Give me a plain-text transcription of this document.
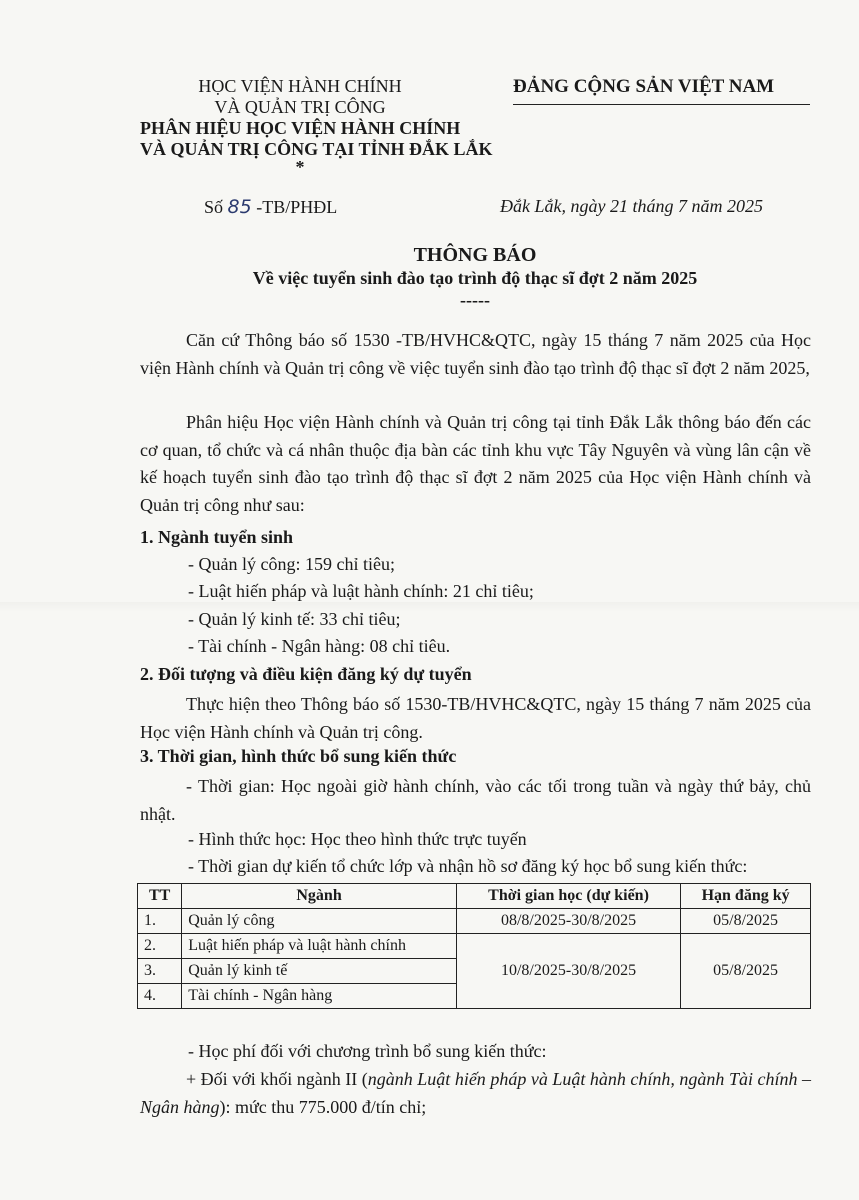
HỌC VIỆN HÀNH CHÍNH
VÀ QUẢN TRỊ CÔNG
PHÂN HIỆU HỌC VIỆN HÀNH CHÍNH
VÀ QUẢN TRỊ CÔNG TẠI TỈNH ĐẮK LẮK
*
ĐẢNG CỘNG SẢN VIỆT NAM
Số 85 -TB/PHĐL	Đắk Lắk, ngày 21 tháng 7 năm 2025
THÔNG BÁO
Về việc tuyển sinh đào tạo trình độ thạc sĩ đợt 2 năm 2025
-----
Căn cứ Thông báo số 1530 -TB/HVHC&QTC, ngày 15 tháng 7 năm 2025 của Học viện Hành chính và Quản trị công về việc tuyển sinh đào tạo trình độ thạc sĩ đợt 2 năm 2025,
Phân hiệu Học viện Hành chính và Quản trị công tại tỉnh Đắk Lắk thông báo đến các cơ quan, tổ chức và cá nhân thuộc địa bàn các tỉnh khu vực Tây Nguyên và vùng lân cận về kế hoạch tuyển sinh đào tạo trình độ thạc sĩ đợt 2 năm 2025 của Học viện Hành chính và Quản trị công như sau:
1. Ngành tuyển sinh
- Quản lý công: 159 chỉ tiêu;
- Luật hiến pháp và luật hành chính: 21 chỉ tiêu;
- Quản lý kinh tế: 33 chỉ tiêu;
- Tài chính - Ngân hàng: 08 chỉ tiêu.
2. Đối tượng và điều kiện đăng ký dự tuyển
Thực hiện theo Thông báo số 1530-TB/HVHC&QTC, ngày 15 tháng 7 năm 2025 của Học viện Hành chính và Quản trị công.
3. Thời gian, hình thức bổ sung kiến thức
- Thời gian: Học ngoài giờ hành chính, vào các tối trong tuần và ngày thứ bảy, chủ nhật.
- Hình thức học: Học theo hình thức trực tuyến
- Thời gian dự kiến tổ chức lớp và nhận hồ sơ đăng ký học bổ sung kiến thức:
TT	Ngành	Thời gian học (dự kiến)	Hạn đăng ký
1.	Quản lý công	08/8/2025-30/8/2025	05/8/2025
2.	Luật hiến pháp và luật hành chính	10/8/2025-30/8/2025	05/8/2025
3.	Quản lý kinh tế		
4.	Tài chính - Ngân hàng		
- Học phí đối với chương trình bổ sung kiến thức:
+ Đối với khối ngành II (ngành Luật hiến pháp và Luật hành chính, ngành Tài chính – Ngân hàng): mức thu 775.000 đ/tín chỉ;
